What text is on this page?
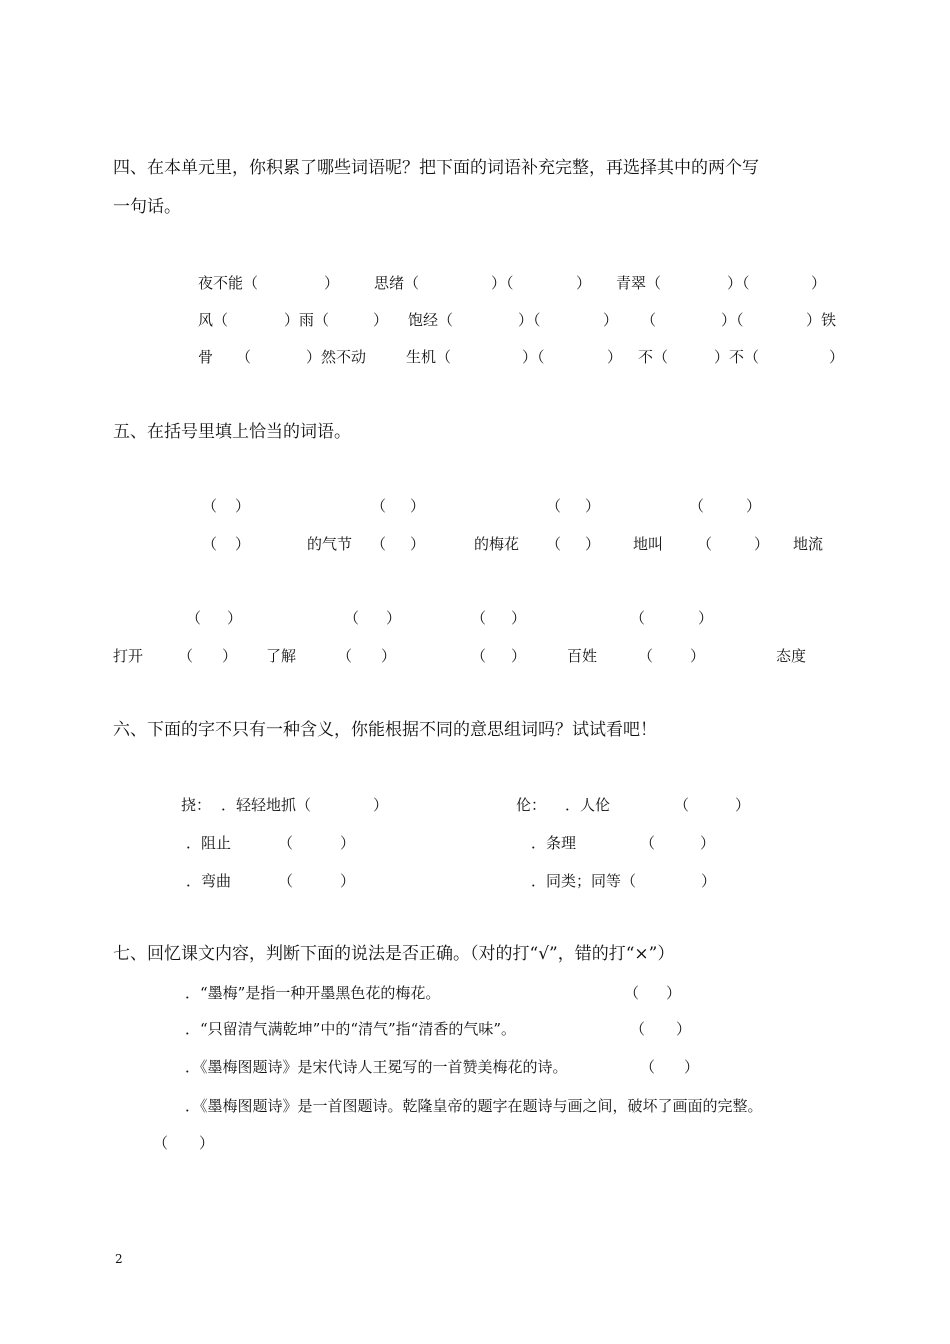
四、在本单元里，你积累了哪些词语呢？把下面的词语补充完整，再选择其中的两个写
一句话。
夜不能（	） 思绪（	）（	） 青翠（	）（	）
风（	）雨（	） 饱经（	）（	） （	）（	）铁
骨 （	）然不动	生机（	）（	） 不（	）不（	）
五、在括号里填上恰当的词语。
（ ）	（ ）	（ ）	（	）
（ ）	的气节 （ ）	的梅花 （ ） 地叫 （	） 地流
（ ）	（ ）	（ ）	（	）
打开 （ ） 了解	（ ）	（ ）	百姓	（ ）	态度
六、下面的字不只有一种含义，你能根据不同的意思组词吗？试试看吧！
挠： ．轻轻地抓（	）
．阻止	（	）
．弯曲	（	）
伦： ．人伦	（	）
．条理	（	）
．同类；同等（	）
七、回忆课文内容，判断下面的说法是否正确。（对的打“√”，错的打“×”）
．“墨梅”是指一种开墨黑色花的梅花。	（ ）
．“只留清气满乾坤”中的“清气”指“清香的气味”。	（ ）
．《墨梅图题诗》是宋代诗人王冕写的一首赞美梅花的诗。	（ ）
．《墨梅图题诗》是一首图题诗。乾隆皇帝的题字在题诗与画之间，破坏了画面的完整。
（ ）
2
